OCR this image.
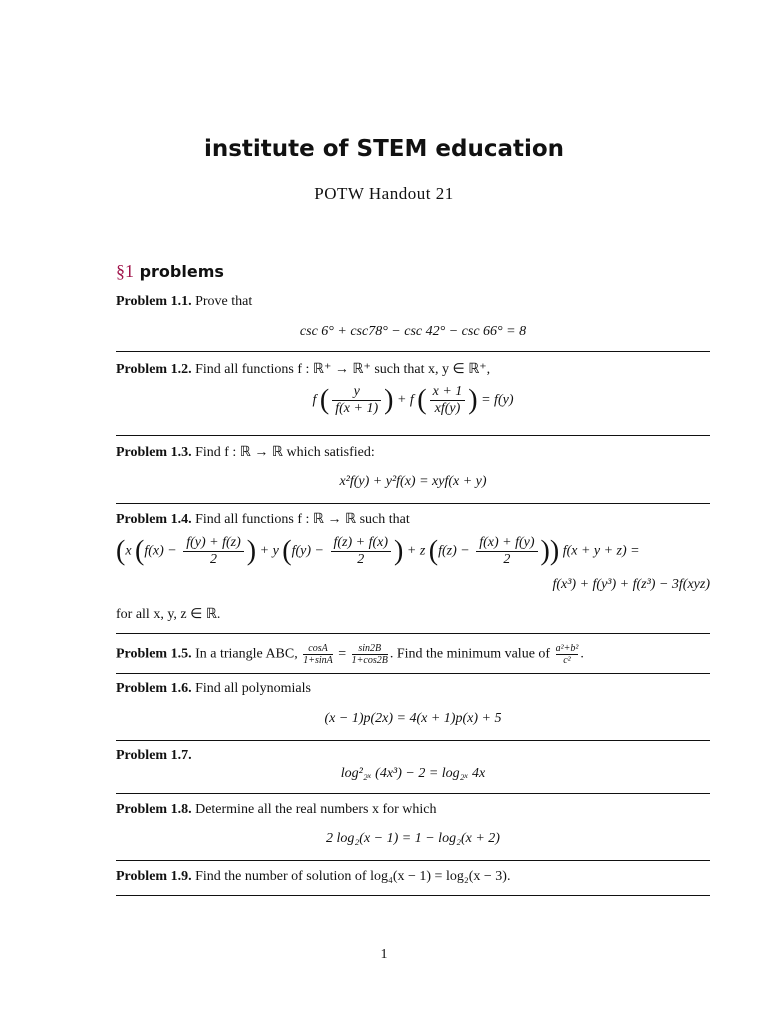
institute of STEM education
POTW Handout 21
§1 problems
Problem 1.1. Prove that
csc 6° + csc78° − csc 42° − csc 66° = 8
Problem 1.2. Find all functions f : ℝ⁺ → ℝ⁺ such that x, y ∈ ℝ⁺,
f ( $\frac{y}{f(x + 1)}$ ) + f ( $\frac{x + 1}{xf(y)}$ ) = f(y)
Problem 1.3. Find f : ℝ → ℝ which satisfied:
x²f(y) + y²f(x) = xyf(x + y)
Problem 1.4. Find all functions f : ℝ → ℝ such that
(x ($f(x) - \frac{f(y) + f(z)}{2}$ ) + y ($f(y) - \frac{f(z) + f(x)}{2}$ ) + z ($f(z) - \frac{f(x) + f(y)}{2}$ )) f(x + y + z) =
f(x³) + f(y³) + f(z³) − 3f(xyz)
for all x, y, z ∈ ℝ.
Problem 1.5. In a triangle ABC, $\frac{\cos A}{1+\sin A} = \frac{\sin 2B}{1+\cos 2B}$ . Find the minimum value of $\frac{\text{a²+b²}}{\text{c²}}$ .
Problem 1.6. Find all polynomials
(x − 1)p(2x) = 4(x + 1)p(x) + 5
Problem 1.7.
log²₂ₓ (4x³) − 2 = log₂ₓ 4x
Problem 1.8. Determine all the real numbers x for which
2 log₂(x − 1) = 1 − log₂(x + 2)
Problem 1.9. Find the number of solution of log₄(x − 1) = log₂(x − 3).
1
